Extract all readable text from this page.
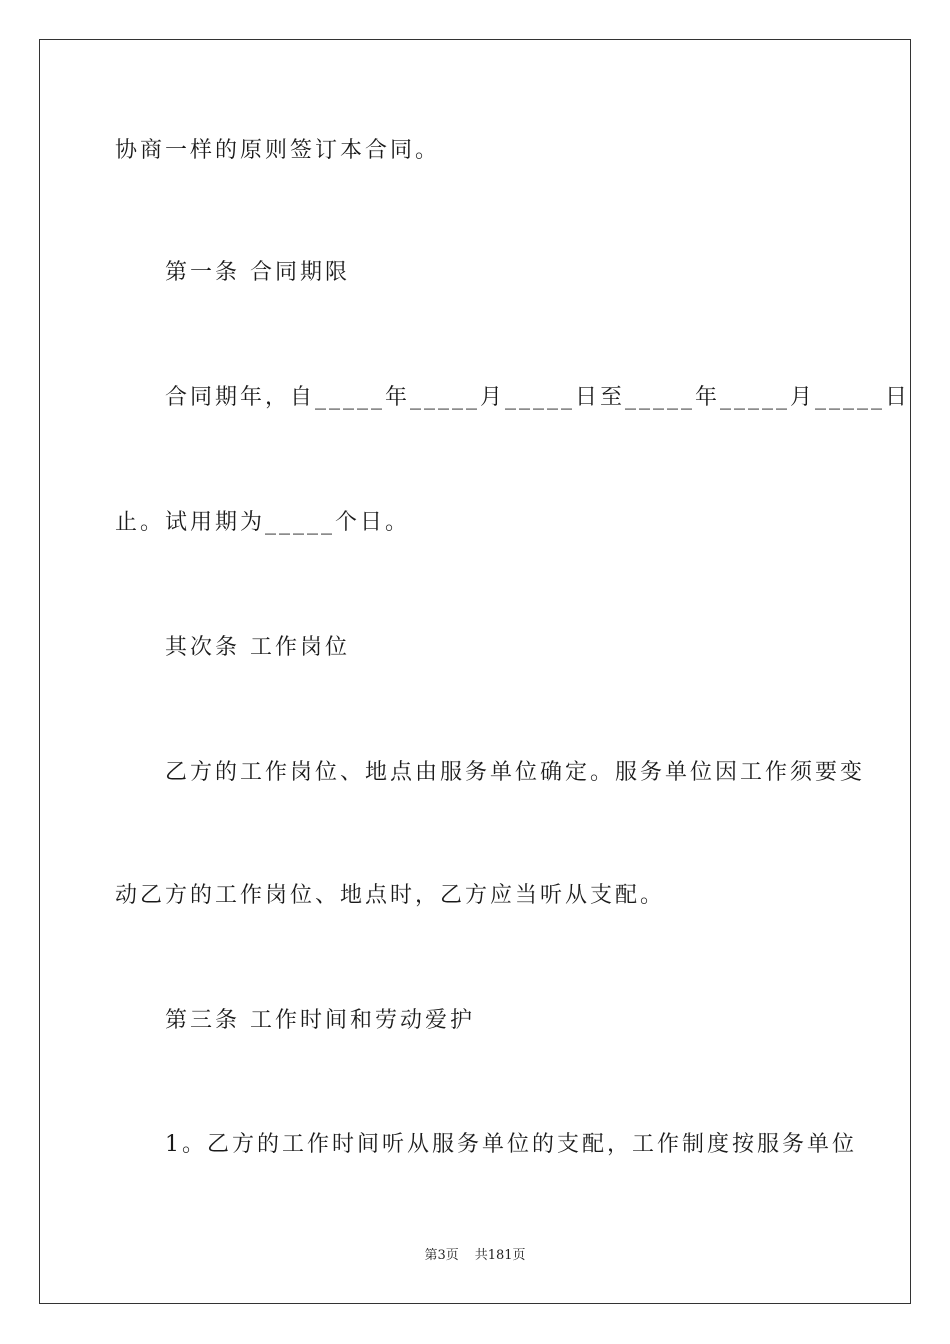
协商一样的原则签订本合同。
第一条 合同期限
合同期年，自_____年_____月_____日至_____年_____月_____日
止。试用期为_____个日。
其次条 工作岗位
乙方的工作岗位、地点由服务单位确定。服务单位因工作须要变
动乙方的工作岗位、地点时，乙方应当听从支配。
第三条 工作时间和劳动爱护
1。乙方的工作时间听从服务单位的支配，工作制度按服务单位
第3页 共181页
